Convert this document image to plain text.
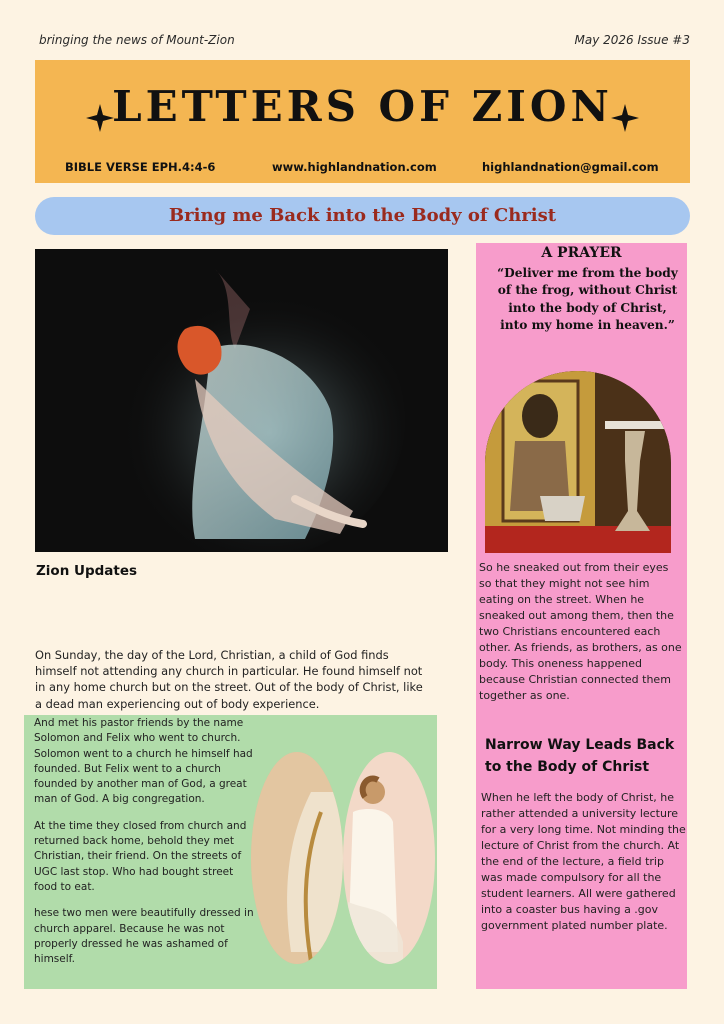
bringing the news of Mount-Zion	May 2026 Issue #3
LETTERS OF ZION
BIBLE VERSE EPH.4:4-6	www.highlandnation.com	highlandnation@gmail.com
Bring me Back into the Body of Christ
Zion Updates
On Sunday, the day of the Lord, Christian, a child of God finds himself not attending any church in particular. He found himself not in any home church but on the street. Out of the body of Christ, like a dead man experiencing out of body experience.

And met his pastor friends by the name Solomon and Felix who went to church. Solomon went to a church he himself had founded. But Felix went to a church founded by another man of God, a great man of God. A big congregation.

At the time they closed from church and returned back home, behold they met Christian, their friend. On the streets of UGC last stop. Who had bought street food to eat.

hese two men were beautifully dressed in church apparel. Because he was not properly dressed he was ashamed of himself.

A PRAYER
“Deliver me from the body of the frog, without Christ into the body of Christ, into my home in heaven.”
So he sneaked out from their eyes so that they might not see him eating on the street. When he sneaked out among them, then the two Christians encountered each other. As friends, as brothers, as one body. This oneness happened because Christian connected them together as one.
Narrow Way Leads Back to the Body of Christ
When he left the body of Christ, he rather attended a university lecture for a very long time. Not minding the lecture of Christ from the church. At the end of the lecture, a field trip was made compulsory for all the student learners. All were gathered into a coaster bus having a .gov government plated number plate.
